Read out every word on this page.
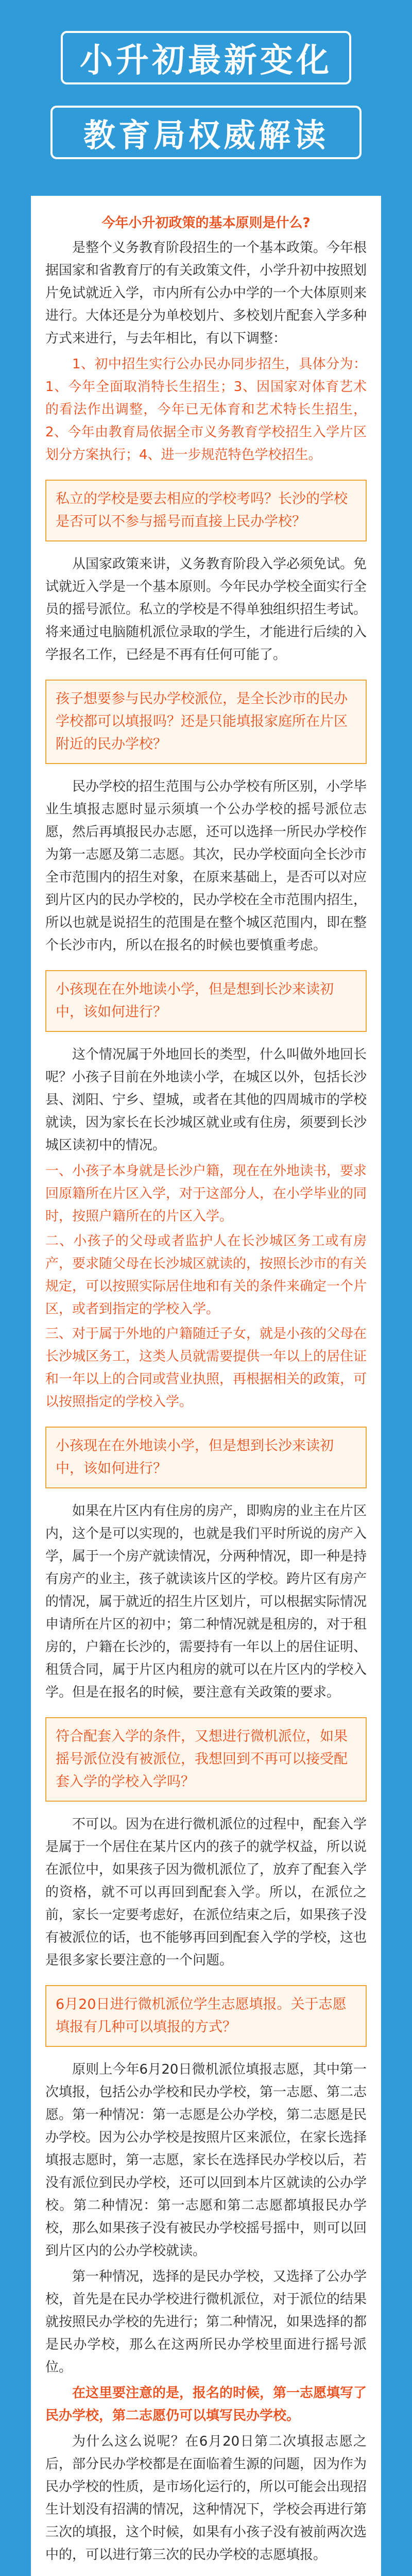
小升初最新变化
教育局权威解读
今年小升初政策的基本原则是什么?

是整个义务教育阶段招生的一个基本政策。今年根据国家和省教育厅的有关政策文件，小学升初中按照划片免试就近入学，市内所有公办中学的一个大体原则来进行。大体还是分为单校划片、多校划片配套入学多种方式来进行，与去年相比，有以下调整：

1、初中招生实行公办民办同步招生，具体分为：1、今年全面取消特长生招生；3、因国家对体育艺术的看法作出调整，今年已无体育和艺术特长生招生，2、今年由教育局依据全市义务教育学校招生入学片区划分方案执行；4、进一步规范特色学校招生。

私立的学校是要去相应的学校考吗？长沙的学校是否可以不参与摇号而直接上民办学校？

从国家政策来讲，义务教育阶段入学必须免试。免试就近入学是一个基本原则。今年民办学校全面实行全员的摇号派位。私立的学校是不得单独组织招生考试。将来通过电脑随机派位录取的学生，才能进行后续的入学报名工作，已经是不再有任何可能了。

孩子想要参与民办学校派位，是全长沙市的民办学校都可以填报吗？还是只能填报家庭所在片区附近的民办学校？

民办学校的招生范围与公办学校有所区别，小学毕业生填报志愿时显示须填一个公办学校的摇号派位志愿，然后再填报民办志愿，还可以选择一所民办学校作为第一志愿及第二志愿。其次，民办学校面向全长沙市全市范围内的招生对象，在原来基础上，是否可以对应到片区内的民办学校的，民办学校在全市范围内招生，所以也就是说招生的范围是在整个城区范围内，即在整个长沙市内，所以在报名的时候也要慎重考虑。

小孩现在在外地读小学，但是想到长沙来读初中，该如何进行？

这个情况属于外地回长的类型，什么叫做外地回长呢？小孩子目前在外地读小学，在城区以外，包括长沙县、浏阳、宁乡、望城，或者在其他的四周城市的学校就读，因为家长在长沙城区就业或有住房，须要到长沙城区读初中的情况。

一、小孩子本身就是长沙户籍，现在在外地读书，要求回原籍所在片区入学，对于这部分人，在小学毕业的同时，按照户籍所在的片区入学。

二、小孩子的父母或者监护人在长沙城区务工或有房产，要求随父母在长沙城区就读的，按照长沙市的有关规定，可以按照实际居住地和有关的条件来确定一个片区，或者到指定的学校入学。

三、对于属于外地的户籍随迁子女，就是小孩的父母在长沙城区务工，这类人员就需要提供一年以上的居住证和一年以上的合同或营业执照，再根据相关的政策，可以按照指定的学校入学。

小孩现在在外地读小学，但是想到长沙来读初中，该如何进行？

如果在片区内有住房的房产，即购房的业主在片区内，这个是可以实现的，也就是我们平时所说的房产入学，属于一个房产就读情况，分两种情况，即一种是持有房产的业主，孩子就读该片区的学校。跨片区有房产的情况，属于就近的招生片区划片，可以根据实际情况申请所在片区的初中；第二种情况就是租房的，对于租房的，户籍在长沙的，需要持有一年以上的居住证明、租赁合同，属于片区内租房的就可以在片区内的学校入学。但是在报名的时候，要注意有关政策的要求。

符合配套入学的条件，又想进行微机派位，如果摇号派位没有被派位，我想回到不再可以接受配套入学的学校入学吗？

不可以。因为在进行微机派位的过程中，配套入学是属于一个居住在某片区内的孩子的就学权益，所以说在派位中，如果孩子因为微机派位了，放弃了配套入学的资格，就不可以再回到配套入学。所以，在派位之前，家长一定要考虑好，在派位结束之后，如果孩子没有被派位的话，也不能够再回到配套入学的学校，这也是很多家长要注意的一个问题。

6月20日进行微机派位学生志愿填报。关于志愿填报有几种可以填报的方式？

原则上今年6月20日微机派位填报志愿，其中第一次填报，包括公办学校和民办学校，第一志愿、第二志愿。第一种情况：第一志愿是公办学校，第二志愿是民办学校。因为公办学校是按照片区来派位，在家长选择填报志愿时，第一志愿，家长在选择民办学校以后，若没有派位到民办学校，还可以回到本片区就读的公办学校。第二种情况：第一志愿和第二志愿都填报民办学校，那么如果孩子没有被民办学校摇号摇中，则可以回到片区内的公办学校就读。

第一种情况，选择的是民办学校，又选择了公办学校，首先是在民办学校进行微机派位，对于派位的结果就按照民办学校的先进行；第二种情况，如果选择的都是民办学校，那么在这两所民办学校里面进行摇号派位。

在这里要注意的是，报名的时候，第一志愿填写了民办学校，第二志愿仍可以填写民办学校。

为什么这么说呢？在6月20日第二次填报志愿之后，部分民办学校都是在面临着生源的问题，因为作为民办学校的性质，是市场化运行的，所以可能会出现招生计划没有招满的情况，这种情况下，学校会再进行第三次的填报，这个时候，如果有小孩子没有被前两次选中的，可以进行第三次的民办学校的志愿填报。
